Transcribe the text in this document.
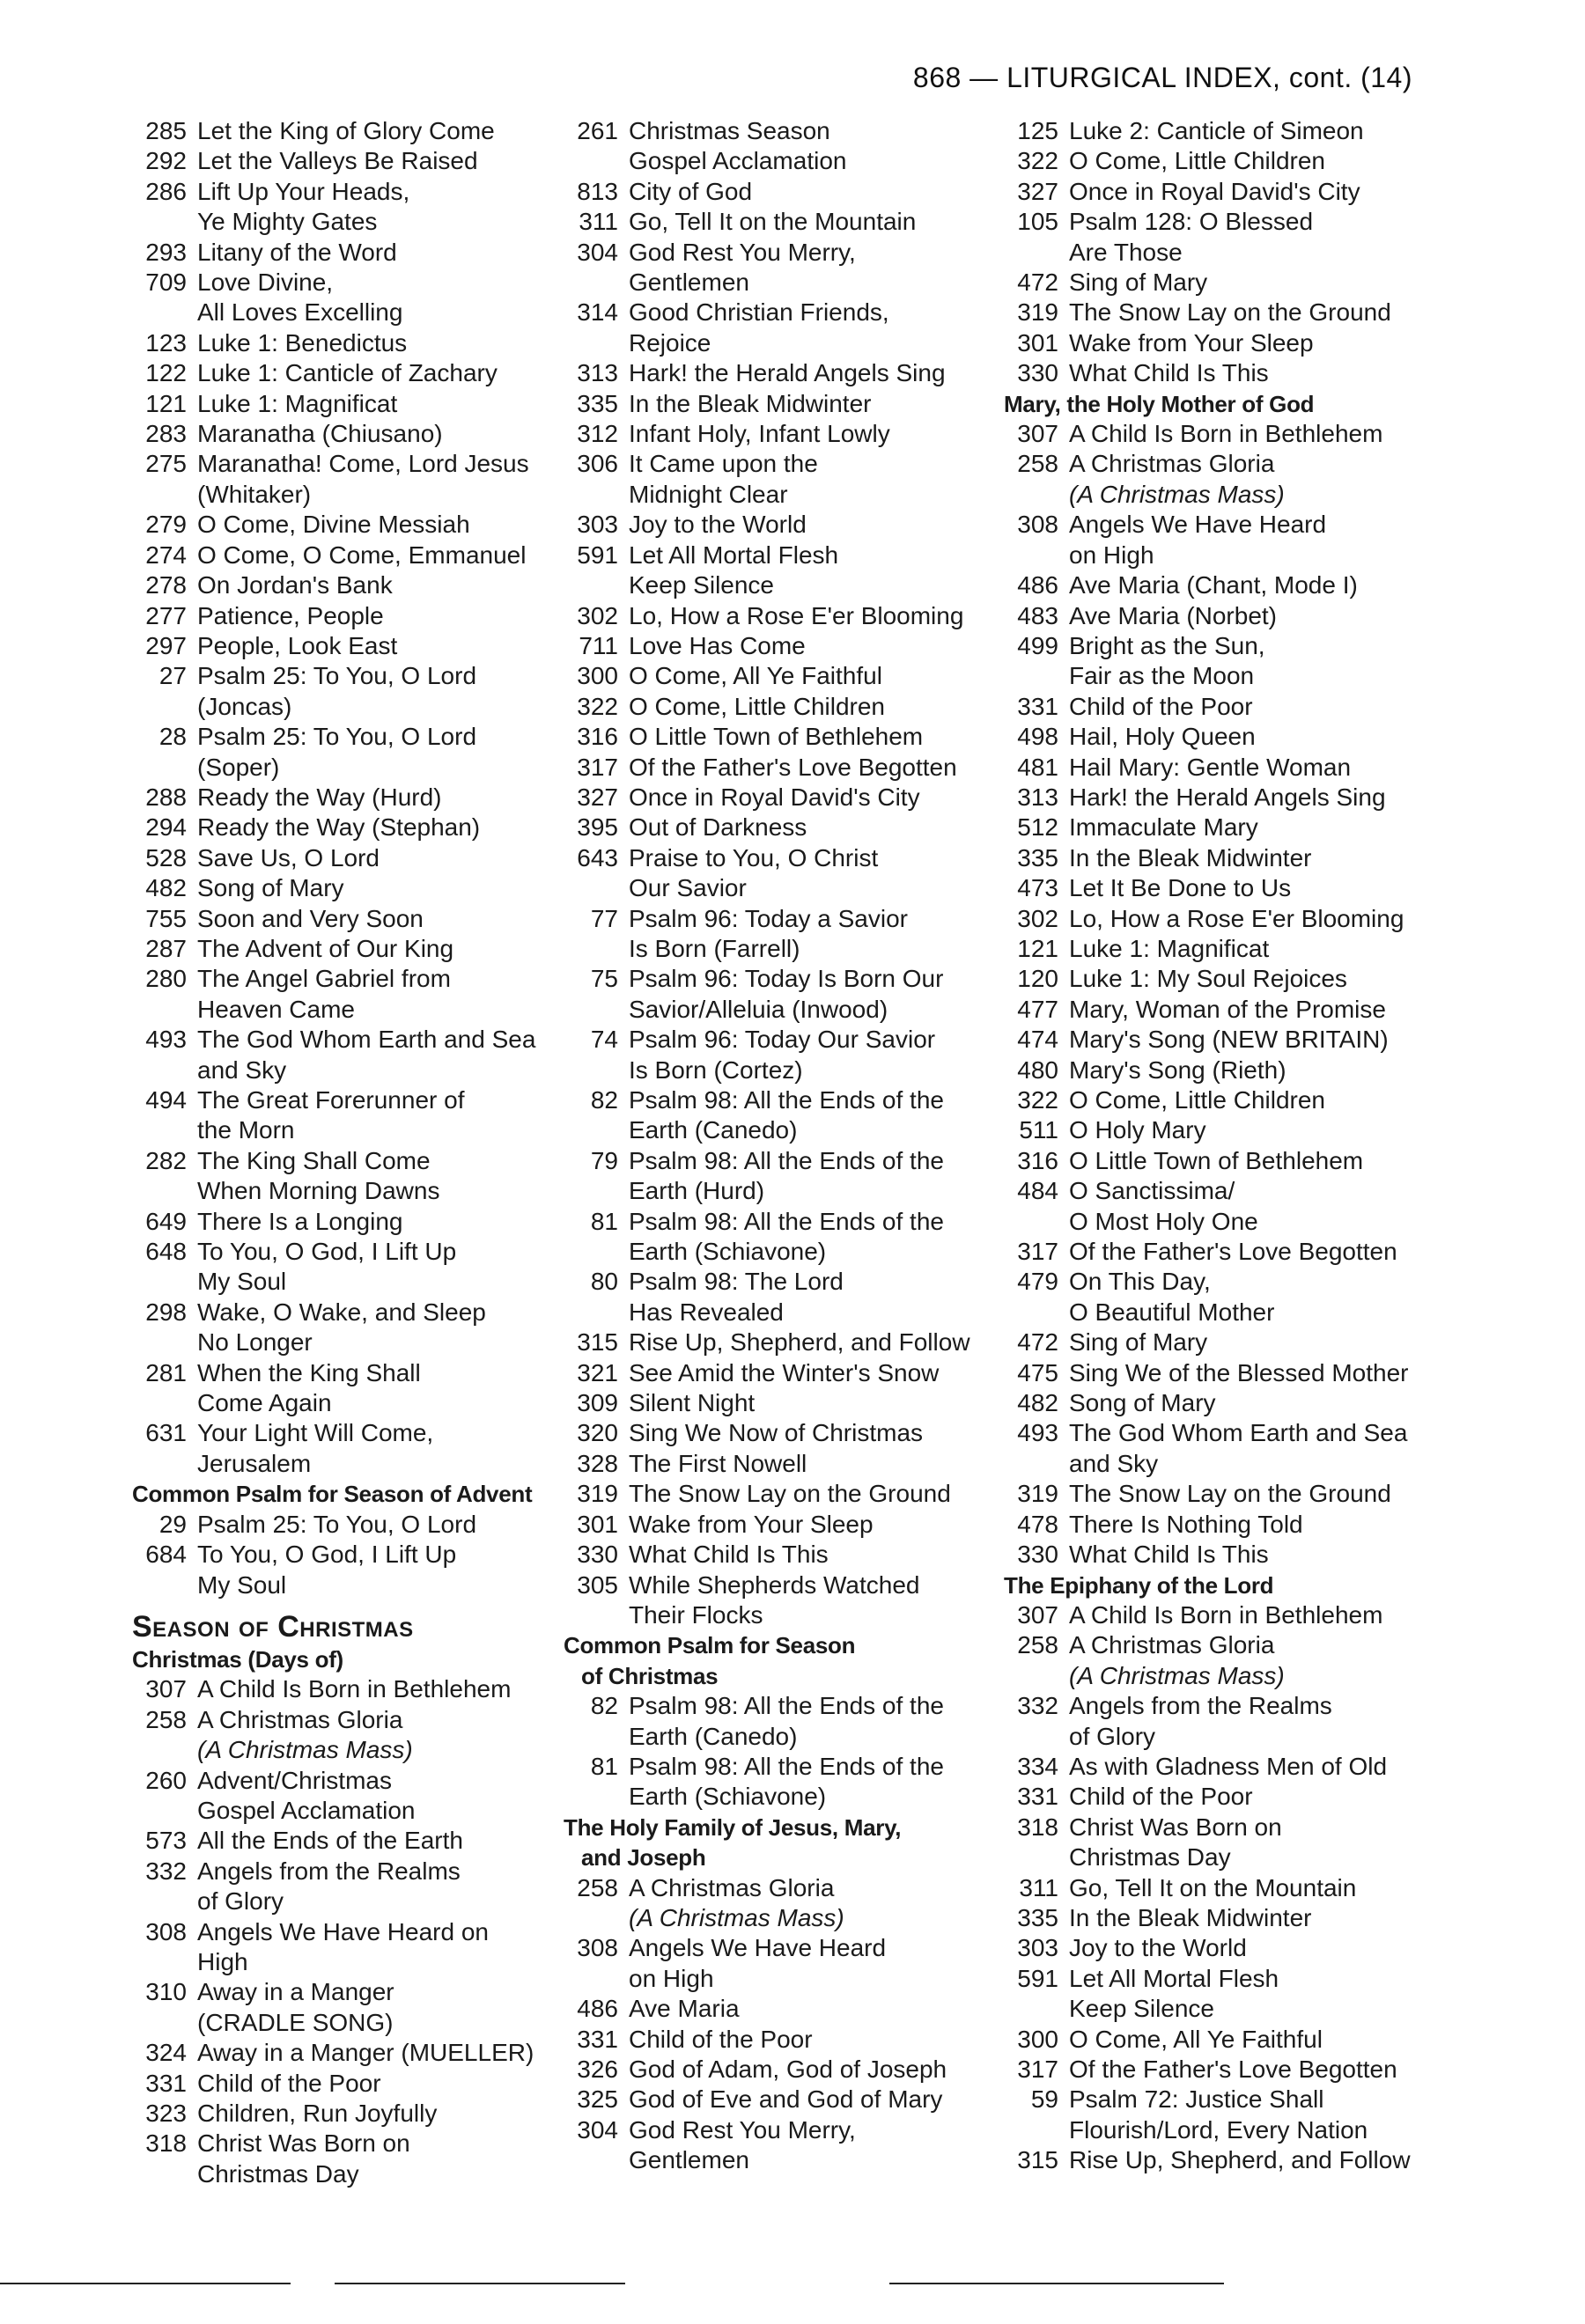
868 — LITURGICAL INDEX, cont. (14)
285 Let the King of Glory Come
292 Let the Valleys Be Raised
286 Lift Up Your Heads,
Ye Mighty Gates
293 Litany of the Word
709 Love Divine,
All Loves Excelling
123 Luke 1: Benedictus
122 Luke 1: Canticle of Zachary
121 Luke 1: Magnificat
283 Maranatha (Chiusano)
275 Maranatha! Come, Lord Jesus
(Whitaker)
279 O Come, Divine Messiah
274 O Come, O Come, Emmanuel
278 On Jordan's Bank
277 Patience, People
297 People, Look East
27 Psalm 25: To You, O Lord
(Joncas)
28 Psalm 25: To You, O Lord
(Soper)
288 Ready the Way (Hurd)
294 Ready the Way (Stephan)
528 Save Us, O Lord
482 Song of Mary
755 Soon and Very Soon
287 The Advent of Our King
280 The Angel Gabriel from
Heaven Came
493 The God Whom Earth and Sea
and Sky
494 The Great Forerunner of
the Morn
282 The King Shall Come
When Morning Dawns
649 There Is a Longing
648 To You, O God, I Lift Up
My Soul
298 Wake, O Wake, and Sleep
No Longer
281 When the King Shall
Come Again
631 Your Light Will Come,
Jerusalem
Common Psalm for Season of Advent
29 Psalm 25: To You, O Lord
684 To You, O God, I Lift Up
My Soul
Season of Christmas
Christmas (Days of)
307 A Child Is Born in Bethlehem
258 A Christmas Gloria
(A Christmas Mass)
260 Advent/Christmas
Gospel Acclamation
573 All the Ends of the Earth
332 Angels from the Realms
of Glory
308 Angels We Have Heard on High
310 Away in a Manger
(CRADLE SONG)
324 Away in a Manger (MUELLER)
331 Child of the Poor
323 Children, Run Joyfully
318 Christ Was Born on
Christmas Day
261 Christmas Season
Gospel Acclamation
813 City of God
311 Go, Tell It on the Mountain
304 God Rest You Merry,
Gentlemen
314 Good Christian Friends,
Rejoice
313 Hark! the Herald Angels Sing
335 In the Bleak Midwinter
312 Infant Holy, Infant Lowly
306 It Came upon the
Midnight Clear
303 Joy to the World
591 Let All Mortal Flesh
Keep Silence
302 Lo, How a Rose E'er Blooming
711 Love Has Come
300 O Come, All Ye Faithful
322 O Come, Little Children
316 O Little Town of Bethlehem
317 Of the Father's Love Begotten
327 Once in Royal David's City
395 Out of Darkness
643 Praise to You, O Christ
Our Savior
77 Psalm 96: Today a Savior
Is Born (Farrell)
75 Psalm 96: Today Is Born Our
Savior/Alleluia (Inwood)
74 Psalm 96: Today Our Savior
Is Born (Cortez)
82 Psalm 98: All the Ends of the
Earth (Canedo)
79 Psalm 98: All the Ends of the
Earth (Hurd)
81 Psalm 98: All the Ends of the
Earth (Schiavone)
80 Psalm 98: The Lord
Has Revealed
315 Rise Up, Shepherd, and Follow
321 See Amid the Winter's Snow
309 Silent Night
320 Sing We Now of Christmas
328 The First Nowell
319 The Snow Lay on the Ground
301 Wake from Your Sleep
330 What Child Is This
305 While Shepherds Watched
Their Flocks
Common Psalm for Season
of Christmas
82 Psalm 98: All the Ends of the
Earth (Canedo)
81 Psalm 98: All the Ends of the
Earth (Schiavone)
The Holy Family of Jesus, Mary,
and Joseph
258 A Christmas Gloria
(A Christmas Mass)
308 Angels We Have Heard
on High
486 Ave Maria
331 Child of the Poor
326 God of Adam, God of Joseph
325 God of Eve and God of Mary
304 God Rest You Merry,
Gentlemen
125 Luke 2: Canticle of Simeon
322 O Come, Little Children
327 Once in Royal David's City
105 Psalm 128: O Blessed
Are Those
472 Sing of Mary
319 The Snow Lay on the Ground
301 Wake from Your Sleep
330 What Child Is This
Mary, the Holy Mother of God
307 A Child Is Born in Bethlehem
258 A Christmas Gloria
(A Christmas Mass)
308 Angels We Have Heard
on High
486 Ave Maria (Chant, Mode I)
483 Ave Maria (Norbet)
499 Bright as the Sun,
Fair as the Moon
331 Child of the Poor
498 Hail, Holy Queen
481 Hail Mary: Gentle Woman
313 Hark! the Herald Angels Sing
512 Immaculate Mary
335 In the Bleak Midwinter
473 Let It Be Done to Us
302 Lo, How a Rose E'er Blooming
121 Luke 1: Magnificat
120 Luke 1: My Soul Rejoices
477 Mary, Woman of the Promise
474 Mary's Song (NEW BRITAIN)
480 Mary's Song (Rieth)
322 O Come, Little Children
511 O Holy Mary
316 O Little Town of Bethlehem
484 O Sanctissima/
O Most Holy One
317 Of the Father's Love Begotten
479 On This Day,
O Beautiful Mother
472 Sing of Mary
475 Sing We of the Blessed Mother
482 Song of Mary
493 The God Whom Earth and Sea
and Sky
319 The Snow Lay on the Ground
478 There Is Nothing Told
330 What Child Is This
The Epiphany of the Lord
307 A Child Is Born in Bethlehem
258 A Christmas Gloria
(A Christmas Mass)
332 Angels from the Realms
of Glory
334 As with Gladness Men of Old
331 Child of the Poor
318 Christ Was Born on
Christmas Day
311 Go, Tell It on the Mountain
335 In the Bleak Midwinter
303 Joy to the World
591 Let All Mortal Flesh
Keep Silence
300 O Come, All Ye Faithful
317 Of the Father's Love Begotten
59 Psalm 72: Justice Shall
Flourish/Lord, Every Nation
315 Rise Up, Shepherd, and Follow
